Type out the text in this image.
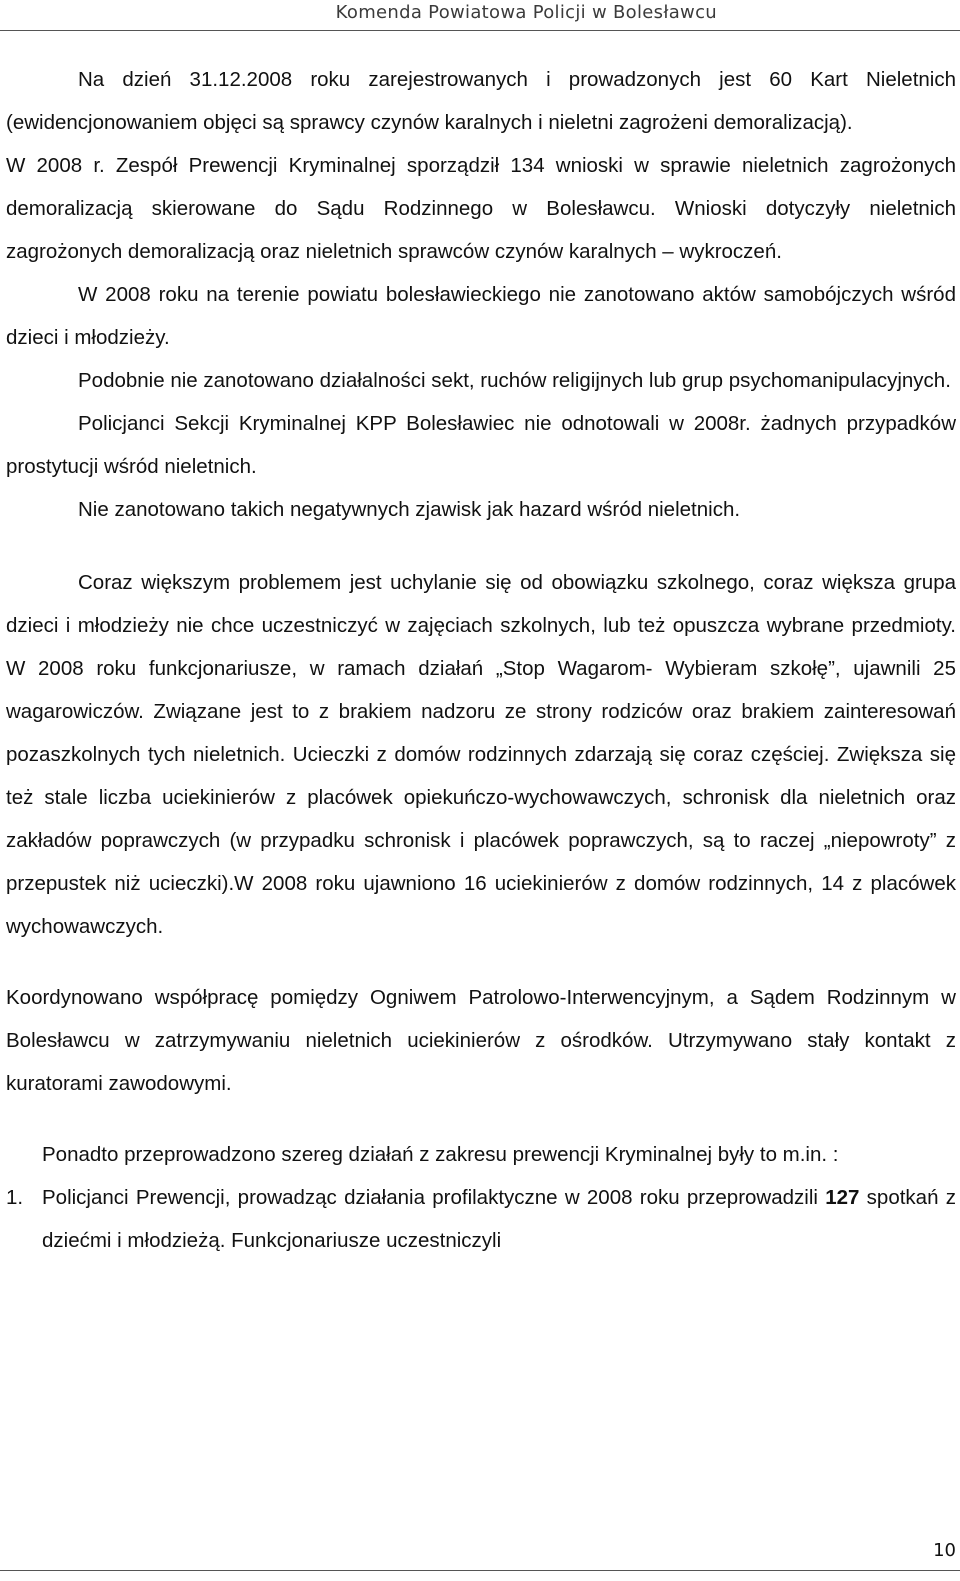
Komenda Powiatowa Policji w Bolesławcu

Na dzień 31.12.2008 roku zarejestrowanych i prowadzonych jest 60 Kart Nieletnich (ewidencjonowaniem objęci są sprawcy czynów karalnych i nieletni zagrożeni demoralizacją).

W 2008 r. Zespół Prewencji Kryminalnej sporządził 134 wnioski w sprawie nieletnich zagrożonych demoralizacją skierowane do Sądu Rodzinnego w Bolesławcu. Wnioski dotyczyły nieletnich zagrożonych demoralizacją oraz nieletnich sprawców czynów karalnych – wykroczeń.

W 2008 roku na terenie powiatu bolesławieckiego nie zanotowano aktów samobójczych wśród dzieci i młodzieży.

Podobnie nie zanotowano działalności sekt, ruchów religijnych lub grup psychomanipulacyjnych.

Policjanci Sekcji Kryminalnej KPP Bolesławiec nie odnotowali w 2008r. żadnych przypadków prostytucji wśród nieletnich.

Nie zanotowano takich negatywnych zjawisk jak hazard wśród nieletnich.

Coraz większym problemem jest uchylanie się od obowiązku szkolnego, coraz większa grupa dzieci i młodzieży nie chce uczestniczyć w zajęciach szkolnych, lub też opuszcza wybrane przedmioty. W 2008 roku funkcjonariusze, w ramach działań „Stop Wagarom- Wybieram szkołę”, ujawnili 25 wagarowiczów. Związane jest to z brakiem nadzoru ze strony rodziców oraz brakiem zainteresowań pozaszkolnych tych nieletnich. Ucieczki z domów rodzinnych zdarzają się coraz częściej. Zwiększa się też stale liczba uciekinierów z placówek opiekuńczo-wychowawczych, schronisk dla nieletnich oraz zakładów poprawczych (w przypadku schronisk i placówek poprawczych, są to raczej „niepowroty” z przepustek niż ucieczki).W 2008 roku ujawniono 16 uciekinierów z domów rodzinnych, 14 z placówek wychowawczych.

Koordynowano współpracę pomiędzy Ogniwem Patrolowo-Interwencyjnym, a Sądem Rodzinnym w Bolesławcu w zatrzymywaniu nieletnich uciekinierów z ośrodków. Utrzymywano stały kontakt z kuratorami zawodowymi.

Ponadto przeprowadzono szereg działań z zakresu prewencji Kryminalnej były to m.in. :

1. Policjanci Prewencji, prowadząc działania profilaktyczne w 2008 roku przeprowadzili 127 spotkań z dziećmi i młodzieżą. Funkcjonariusze uczestniczyli

10
